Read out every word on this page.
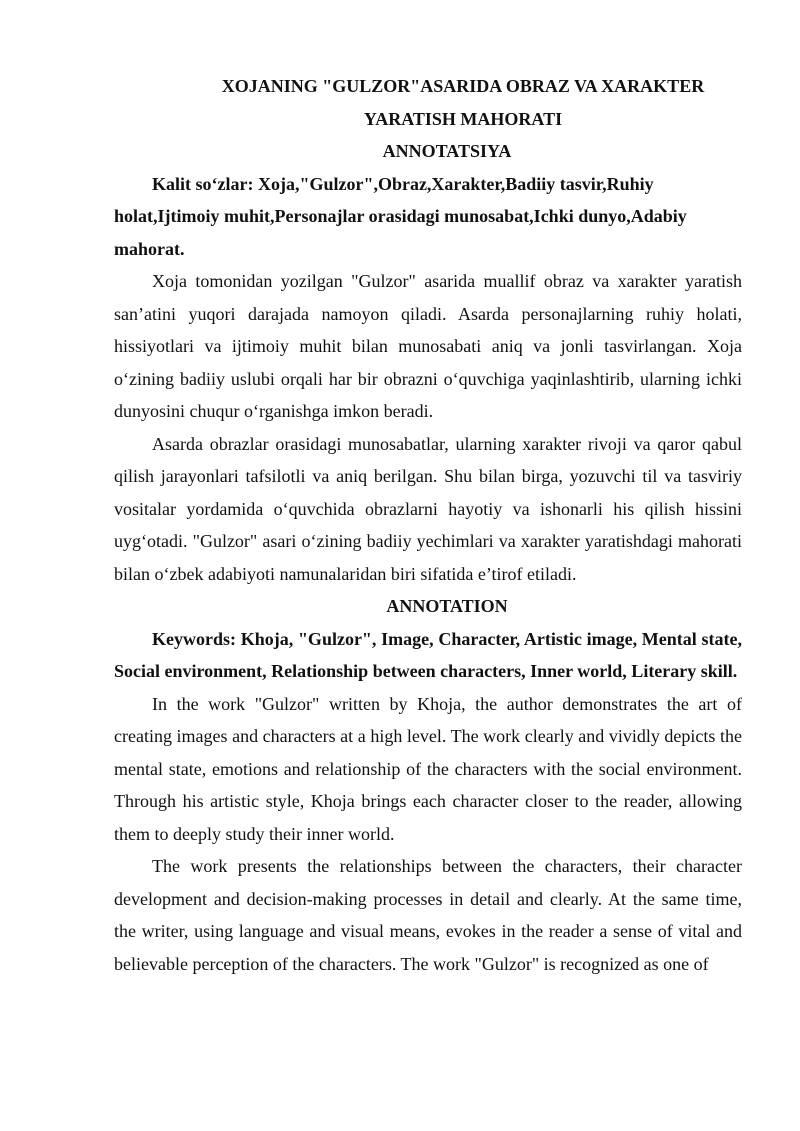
XOJANING "GULZOR"ASARIDA OBRAZ VA XARAKTER
YARATISH MAHORATI
ANNOTATSIYA

Kalit so‘zlar: Xoja,"Gulzor",Obraz,Xarakter,Badiiy tasvir,Ruhiy holat,Ijtimoiy muhit,Personajlar orasidagi munosabat,Ichki dunyo,Adabiy mahorat.

Xoja tomonidan yozilgan "Gulzor" asarida muallif obraz va xarakter yaratish san’atini yuqori darajada namoyon qiladi. Asarda personajlarning ruhiy holati, hissiyotlari va ijtimoiy muhit bilan munosabati aniq va jonli tasvirlangan. Xoja o‘zining badiiy uslubi orqali har bir obrazni o‘quvchiga yaqinlashtirib, ularning ichki dunyosini chuqur o‘rganishga imkon beradi.

Asarda obrazlar orasidagi munosabatlar, ularning xarakter rivoji va qaror qabul qilish jarayonlari tafsilotli va aniq berilgan. Shu bilan birga, yozuvchi til va tasviriy vositalar yordamida o‘quvchida obrazlarni hayotiy va ishonarli his qilish hissini uyg‘otadi. "Gulzor" asari o‘zining badiiy yechimlari va xarakter yaratishdagi mahorati bilan o‘zbek adabiyoti namunalaridan biri sifatida e’tirof etiladi.

ANNOTATION

Keywords: Khoja, "Gulzor", Image, Character, Artistic image, Mental state, Social environment, Relationship between characters, Inner world, Literary skill.

In the work "Gulzor" written by Khoja, the author demonstrates the art of creating images and characters at a high level. The work clearly and vividly depicts the mental state, emotions and relationship of the characters with the social environment. Through his artistic style, Khoja brings each character closer to the reader, allowing them to deeply study their inner world.

The work presents the relationships between the characters, their character development and decision-making processes in detail and clearly. At the same time, the writer, using language and visual means, evokes in the reader a sense of vital and believable perception of the characters. The work "Gulzor" is recognized as one of
